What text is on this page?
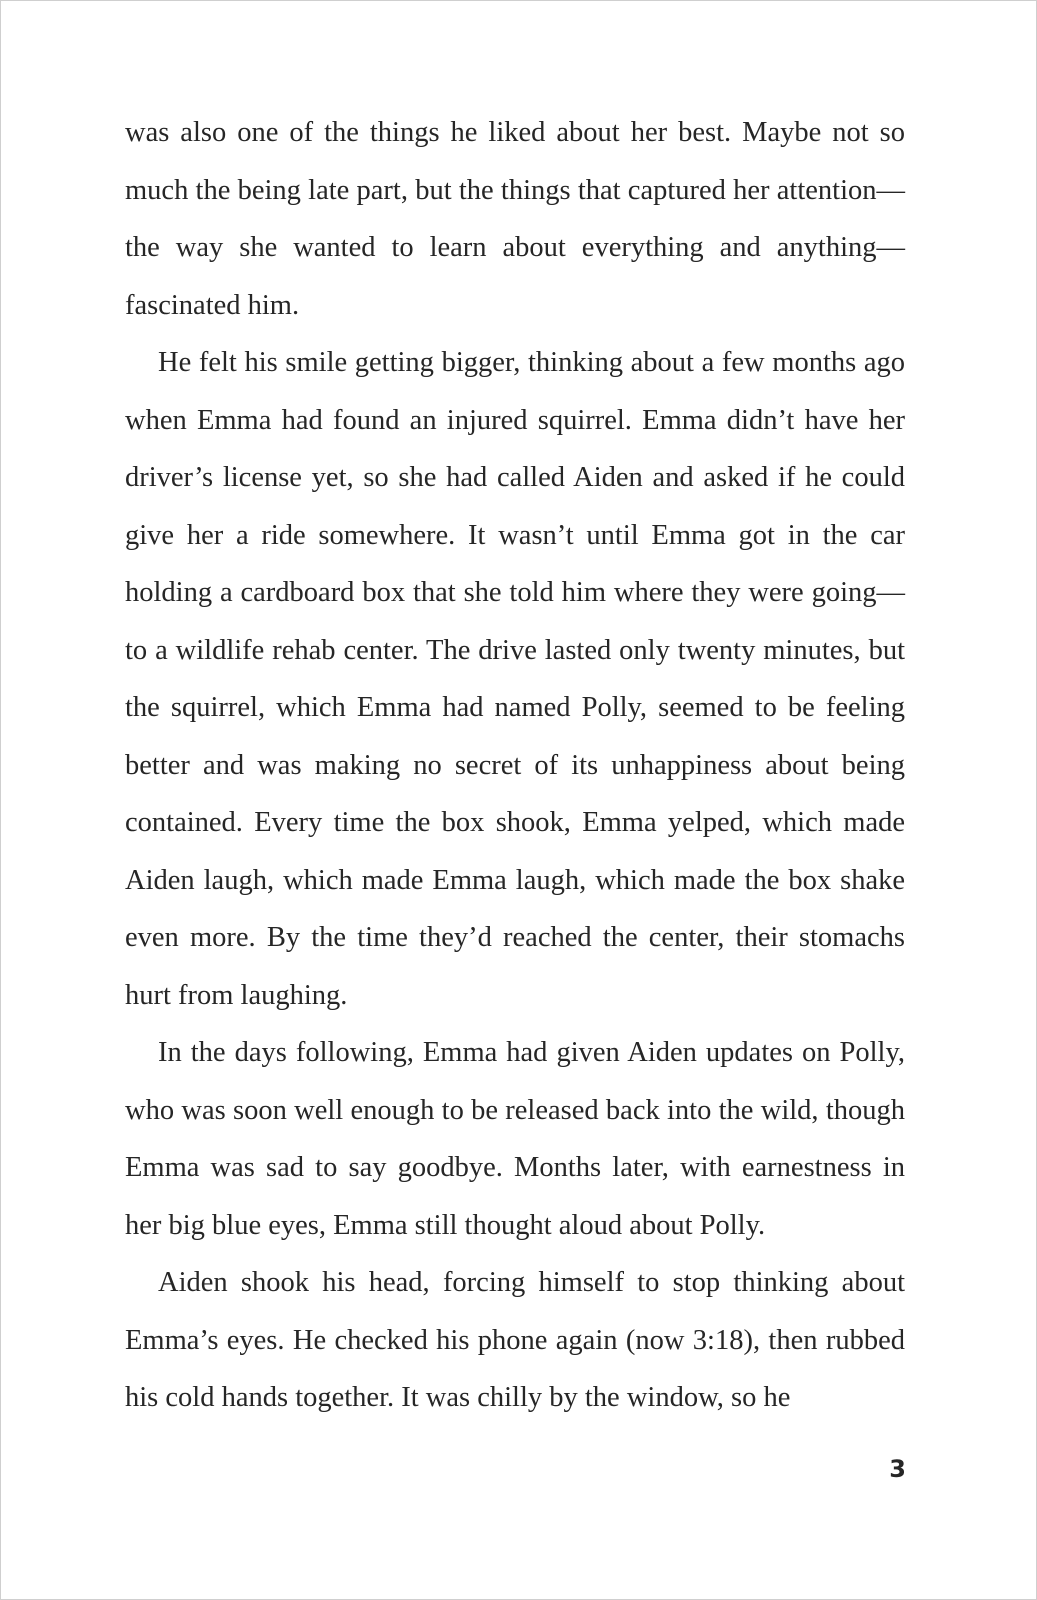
was also one of the things he liked about her best. Maybe not so much the being late part, but the things that captured her attention—the way she wanted to learn about everything and anything—fascinated him.

He felt his smile getting bigger, thinking about a few months ago when Emma had found an injured squirrel. Emma didn’t have her driver’s license yet, so she had called Aiden and asked if he could give her a ride somewhere. It wasn’t until Emma got in the car holding a cardboard box that she told him where they were going—to a wildlife rehab center. The drive lasted only twenty minutes, but the squirrel, which Emma had named Polly, seemed to be feeling better and was making no secret of its unhappiness about being contained. Every time the box shook, Emma yelped, which made Aiden laugh, which made Emma laugh, which made the box shake even more. By the time they’d reached the center, their stomachs hurt from laughing.

In the days following, Emma had given Aiden updates on Polly, who was soon well enough to be released back into the wild, though Emma was sad to say goodbye. Months later, with earnestness in her big blue eyes, Emma still thought aloud about Polly.

Aiden shook his head, forcing himself to stop thinking about Emma’s eyes. He checked his phone again (now 3:18), then rubbed his cold hands together. It was chilly by the window, so he

3
